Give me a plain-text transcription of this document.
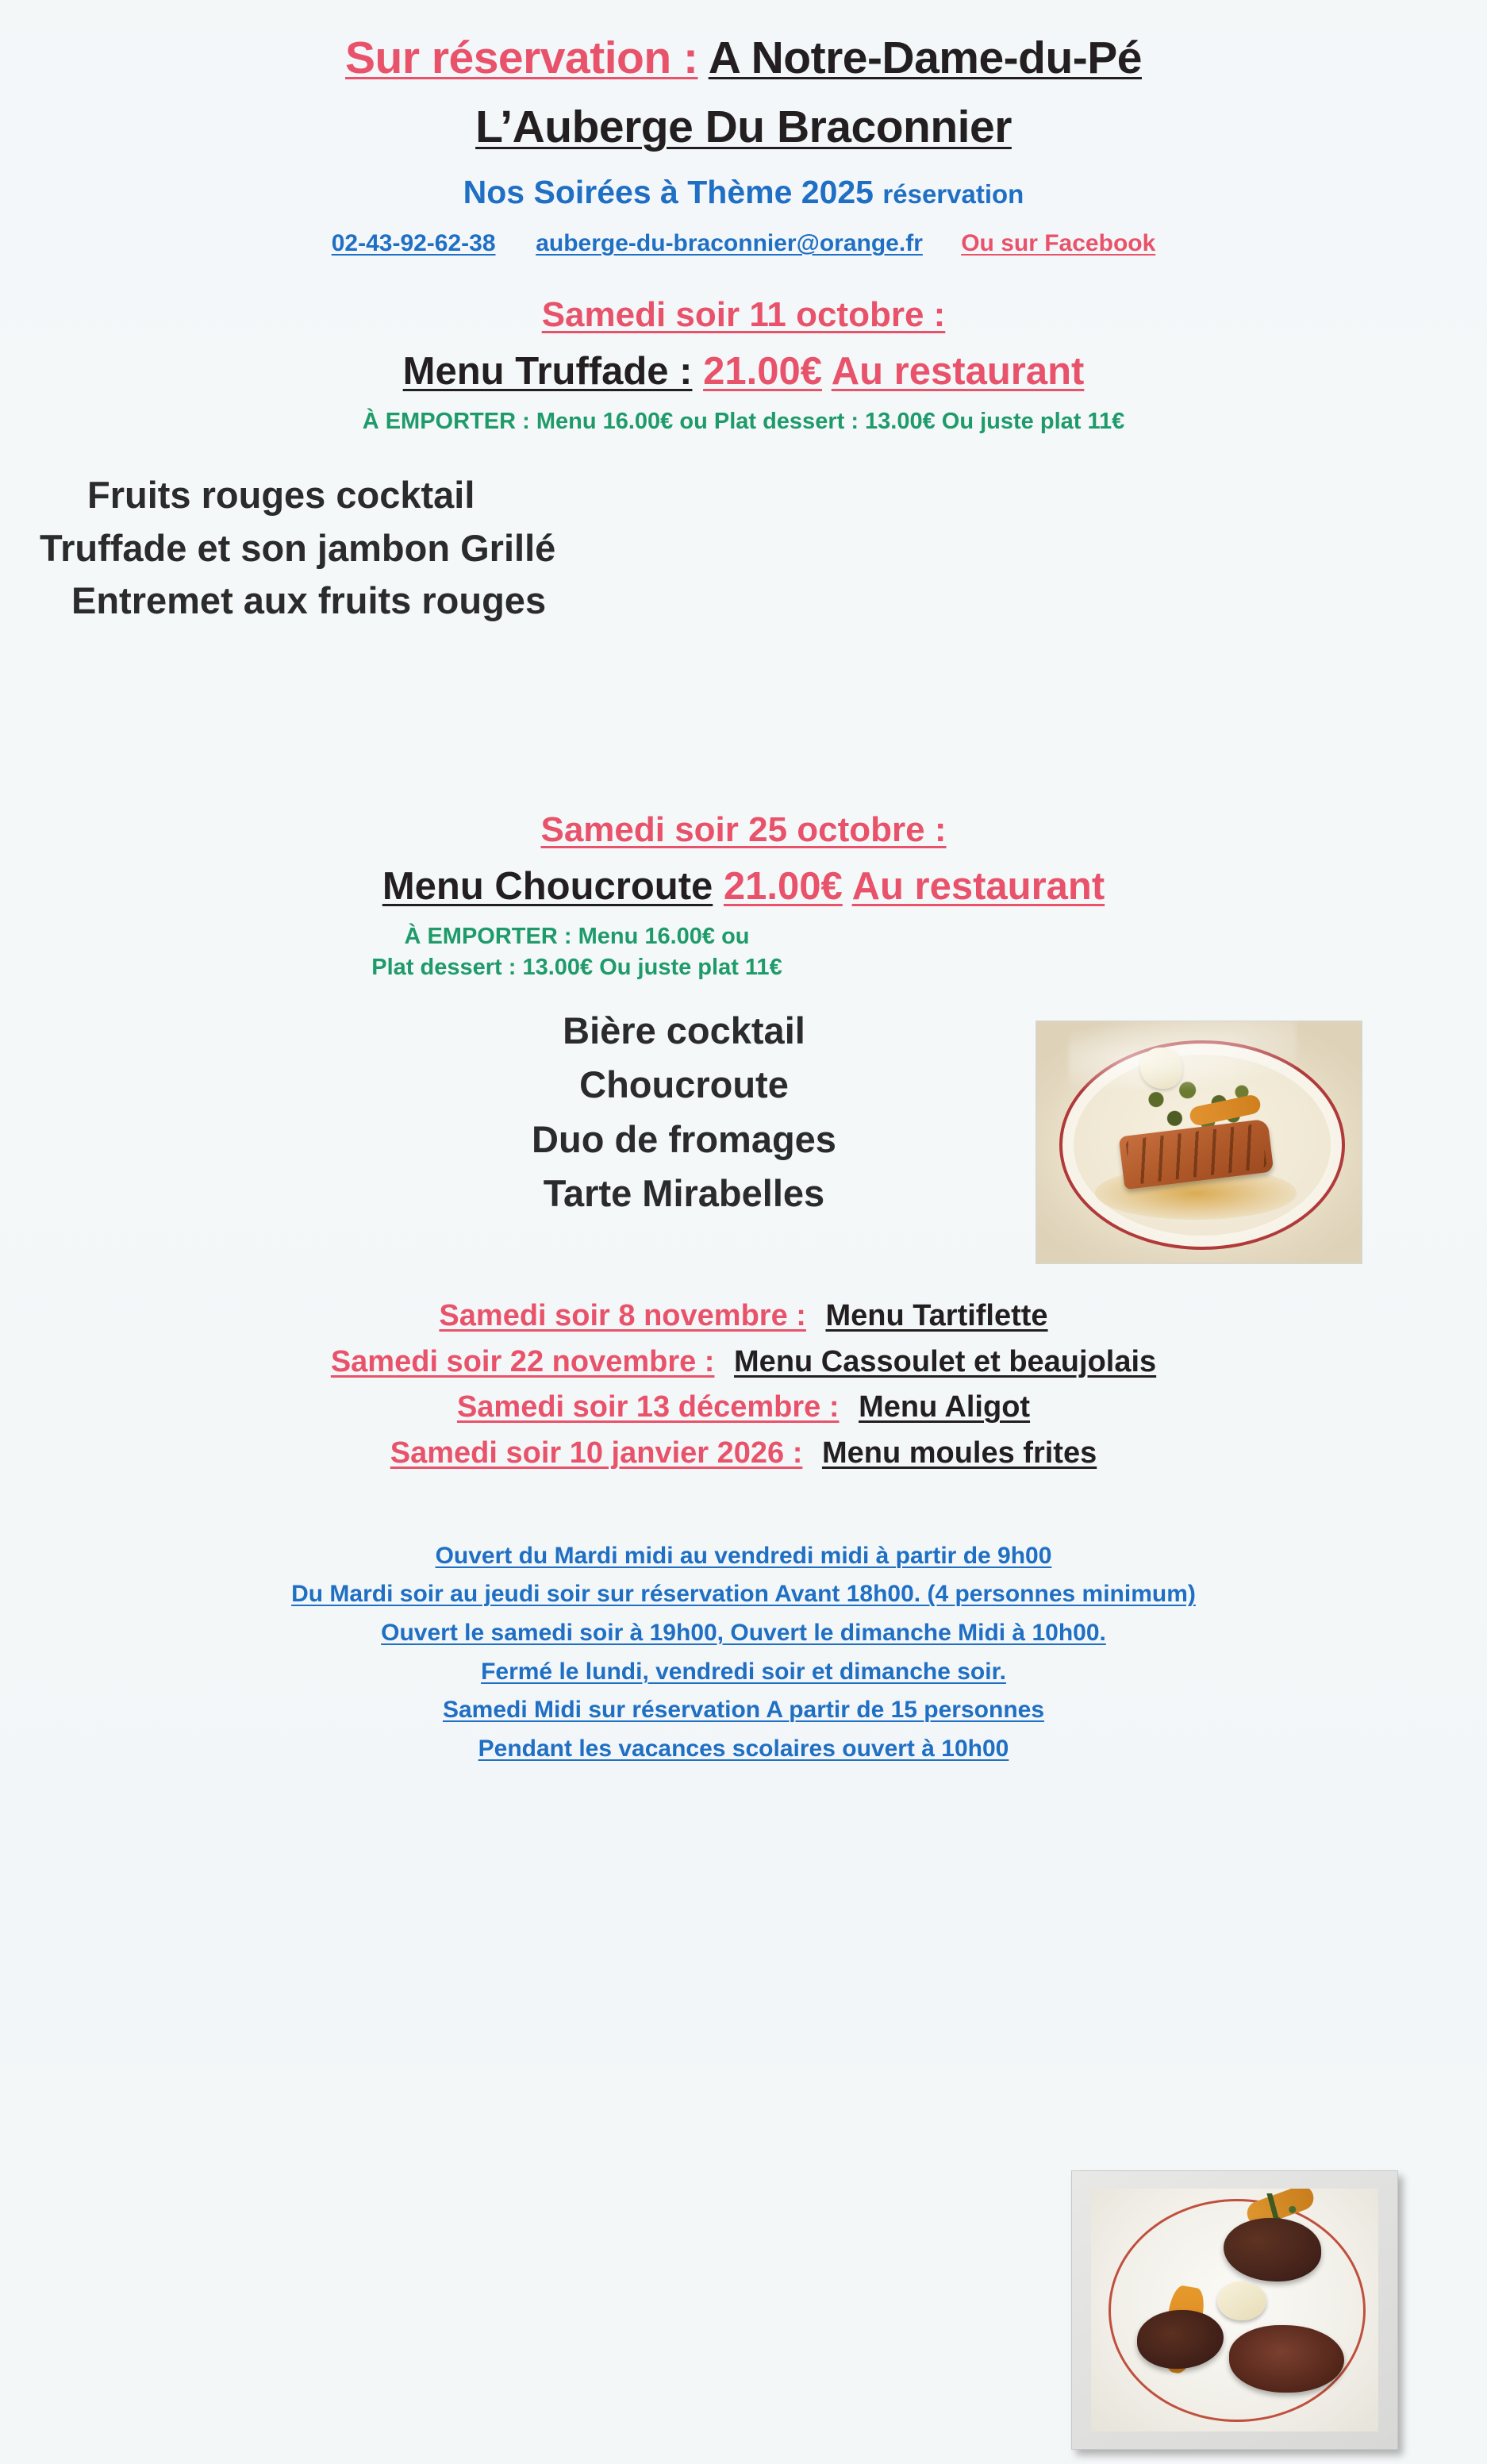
Sur réservation : A Notre-Dame-du-Pé
L’Auberge Du Braconnier
Nos Soirées à Thème 2025 réservation
02-43-92-62-38 auberge-du-braconnier@orange.fr Ou sur Facebook
Samedi soir 11 octobre :
Menu Truffade : 21.00€ Au restaurant
À EMPORTER : Menu 16.00€ ou Plat dessert : 13.00€ Ou juste plat 11€
Fruits rouges cocktail
Truffade et son jambon Grillé
Entremet aux fruits rouges
Samedi soir 25 octobre :
Menu Choucroute 21.00€ Au restaurant
À EMPORTER : Menu 16.00€ ou
Plat dessert : 13.00€ Ou juste plat 11€
Bière cocktail
Choucroute
Duo de fromages
Tarte Mirabelles
Samedi soir 8 novembre : Menu Tartiflette
Samedi soir 22 novembre : Menu Cassoulet et beaujolais
Samedi soir 13 décembre : Menu Aligot
Samedi soir 10 janvier 2026 : Menu moules frites
Ouvert du Mardi midi au vendredi midi à partir de 9h00
Du Mardi soir au jeudi soir sur réservation Avant 18h00. (4 personnes minimum)
Ouvert le samedi soir à 19h00, Ouvert le dimanche Midi à 10h00.
Fermé le lundi, vendredi soir et dimanche soir.
Samedi Midi sur réservation A partir de 15 personnes
Pendant les vacances scolaires ouvert à 10h00
